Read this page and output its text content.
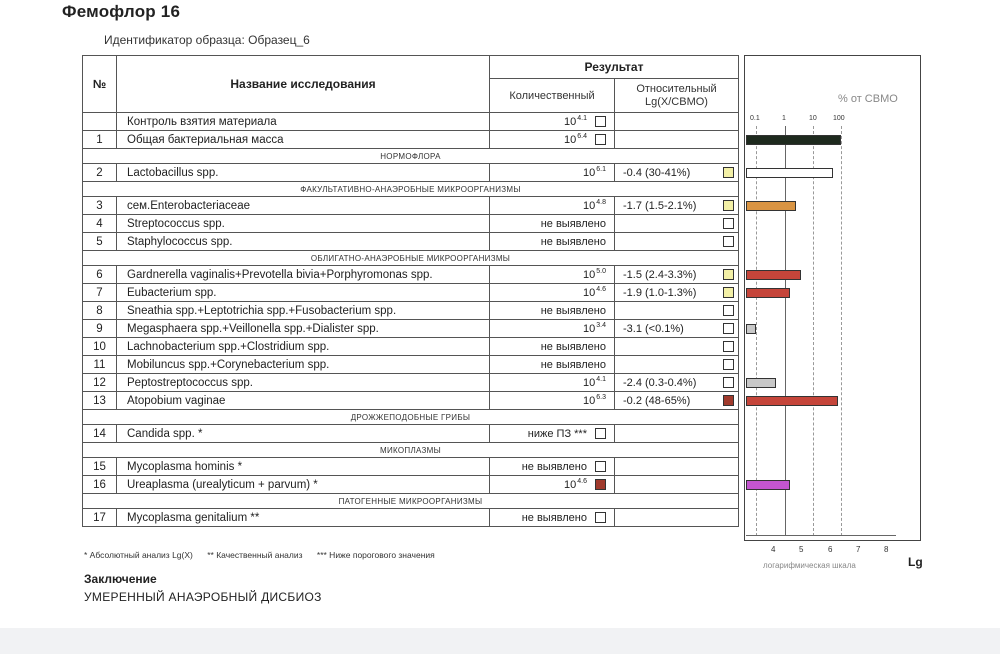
Фемофлор 16
Идентификатор образца: Образец_6
№	Название исследования	Результат	
		Количественный	Относительный
Lg(X/CBMO)

	Контроль взятия материала	$10^{4.1}$

1	Общая бактериальная масса	$10^{6.4}$

НОРМОФЛОРА			
2	Lactobacillus spp.	$10^{6.1}$	-0.4 (30-41%)

ФАКУЛЬТАТИВНО-АНАЭРОБНЫЕ МИКРООРГАНИЗМЫ			
3	сем.Enterobacteriaceae	$10^{4.8}$	-1.7 (1.5-2.1%)

4	Streptococcus spp.	не выявлено	

5	Staphylococcus spp.	не выявлено	

ОБЛИГАТНО-АНАЭРОБНЫЕ МИКРООРГАНИЗМЫ			
6	Gardnerella vaginalis+Prevotella bivia+Porphyromonas spp.	$10^{5.0}$	-1.5 (2.4-3.3%)

7	Eubacterium spp.	$10^{4.6}$	-1.9 (1.0-1.3%)

8	Sneathia spp.+Leptotrichia spp.+Fusobacterium spp.	не выявлено	

9	Megasphaera spp.+Veillonella spp.+Dialister spp.	$10^{3.4}$	-3.1 (<0.1%)

10	Lachnobacterium spp.+Clostridium spp.	не выявлено	

11	Mobiluncus spp.+Corynebacterium spp.	не выявлено	

12	Peptostreptococcus spp.	$10^{4.1}$	-2.4 (0.3-0.4%)

13	Atopobium vaginae	$10^{6.3}$	-0.2 (48-65%)

ДРОЖЖЕПОДОБНЫЕ ГРИБЫ			
14	Candida spp. *	ниже ПЗ ***	

МИКОПЛАЗМЫ			
15	Mycoplasma hominis *	не выявлено	

16	Ureaplasma (urealyticum + parvum) *	$10^{4.6}$

ПАТОГЕННЫЕ МИКРООРГАНИЗМЫ			
17	Mycoplasma genitalium **	не выявлено	

% от СВМО
0.1	1	10 100
4	5	6	7	8
логарифмическая шкала	Lg
* Абсолютный анализ Lg(X) ** Качественный анализ *** Ниже порогового значения
Заключение
УМЕРЕННЫЙ АНАЭРОБНЫЙ ДИСБИОЗ
